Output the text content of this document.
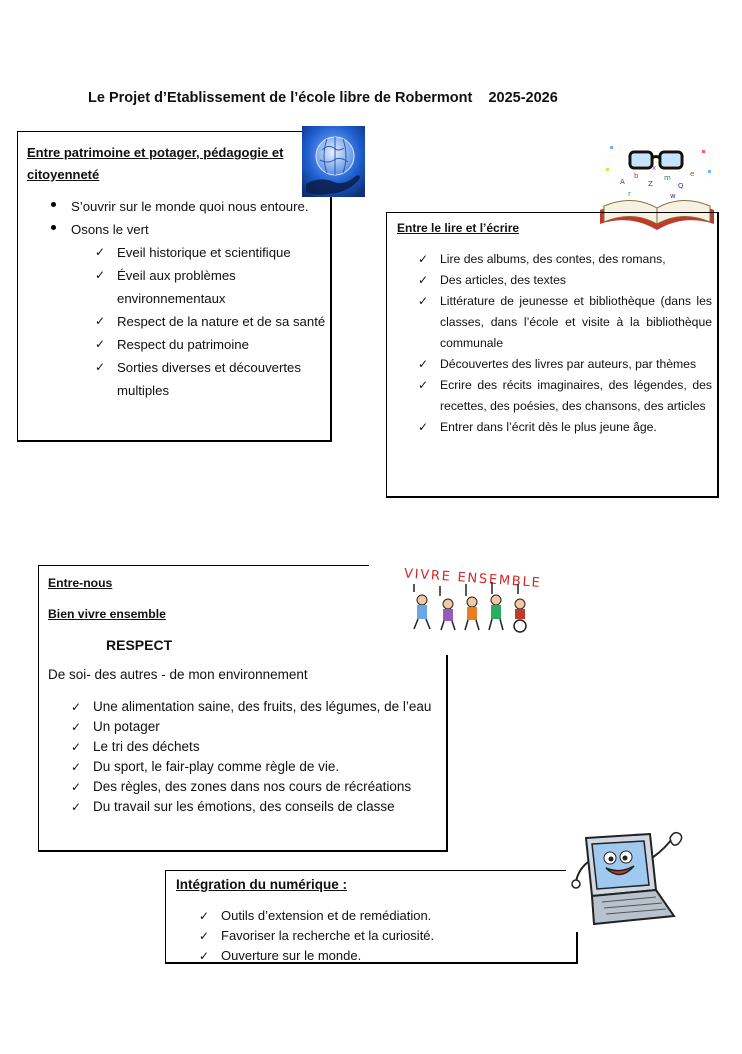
Le Projet d’Etablissement de l’école libre de Robermont    2025-2026
Entre patrimoine et potager, pédagogie et citoyenneté
S’ouvrir sur le monde quoi nous entoure.
Osons le vert
✓ Eveil historique et scientifique
✓ Éveil aux problèmes environnementaux
✓ Respect de la nature et de sa santé
✓ Respect du patrimoine
✓ Sorties diverses et découvertes multiples
A
b
Z
m
Q
e
r	w
x
Entre le lire et l’écrire
✓ Lire des albums, des contes, des romans,
✓ Des articles, des textes
✓ Littérature de jeunesse et bibliothèque (dans les classes, dans l’école et visite à la bibliothèque communale
✓ Découvertes des livres par auteurs, par thèmes
✓ Ecrire des récits imaginaires, des légendes, des recettes, des poésies, des chansons, des articles
✓ Entrer dans l’écrit dès le plus jeune âge.
Entre-nous
Bien vivre ensemble
RESPECT
De soi- des autres - de mon environnement
✓ Une alimentation saine, des fruits, des légumes, de l’eau
✓ Un potager
✓ Le tri des déchets
✓ Du sport, le fair-play comme règle de vie.
✓ Des règles, des zones dans nos cours de récréations
✓ Du travail sur les émotions, des conseils de classe
VIVRE ENSEMBLE
Intégration du numérique :
✓ Outils d’extension et de remédiation.
✓ Favoriser la recherche et la curiosité.
✓ Ouverture sur le monde.
